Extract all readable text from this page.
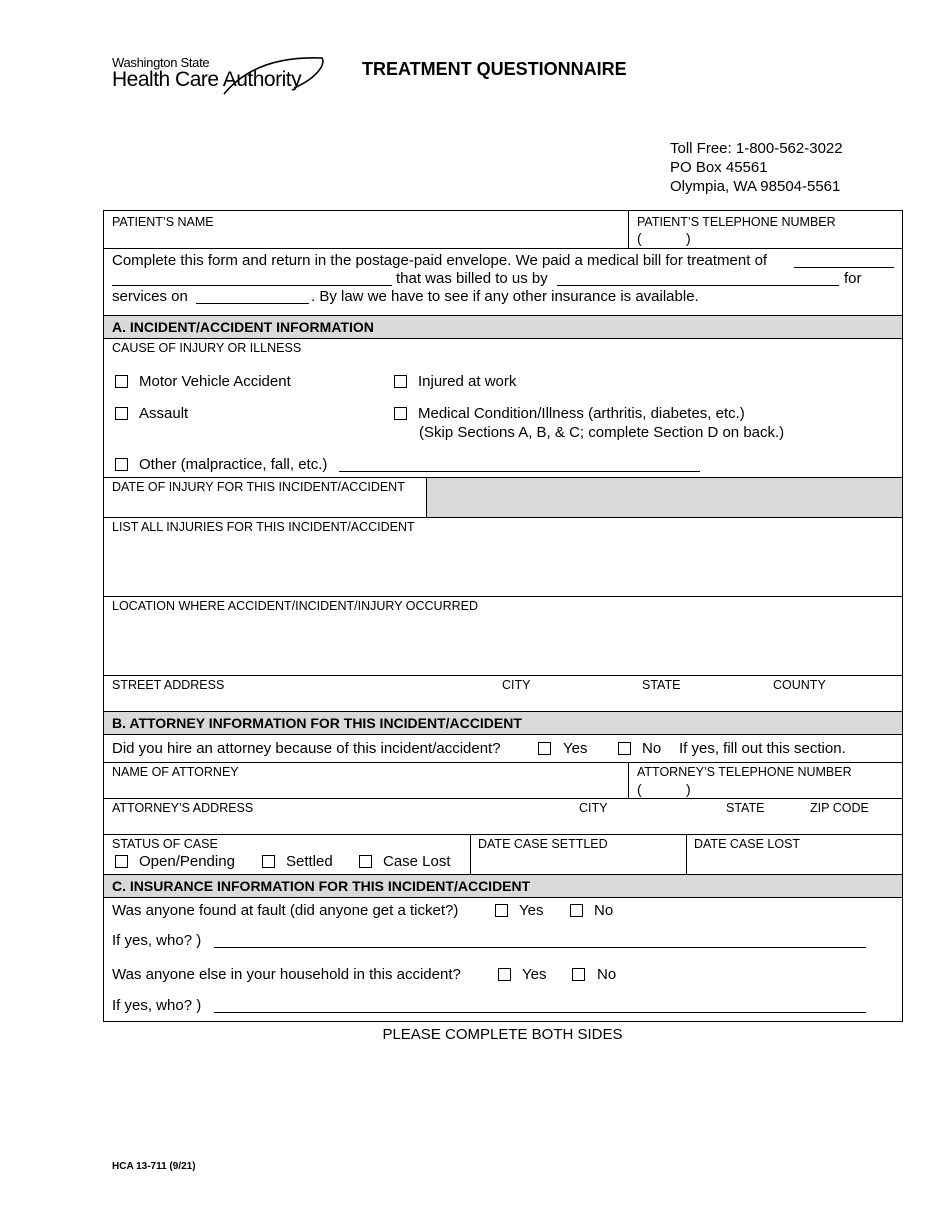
Washington State
Health Care Authority	TREATMENT QUESTIONNAIRE
Toll Free: 1-800-562-3022
PO Box 45561
Olympia, WA 98504-5561
PATIENT’S NAME	PATIENT’S TELEPHONE NUMBER
(	)
Complete this form and return in the postage-paid envelope. We paid a medical bill for treatment of
that was billed to us by	for
services on	. By law we have to see if any other insurance is available.
A. INCIDENT/ACCIDENT INFORMATION
CAUSE OF INJURY OR ILLNESS
Motor Vehicle Accident	Injured at work
Assault	Medical Condition/Illness (arthritis, diabetes, etc.)
(Skip Sections A, B, & C; complete Section D on back.)
Other (malpractice, fall, etc.)
DATE OF INJURY FOR THIS INCIDENT/ACCIDENT
LIST ALL INJURIES FOR THIS INCIDENT/ACCIDENT
LOCATION WHERE ACCIDENT/INCIDENT/INJURY OCCURRED
STREET ADDRESS	CITY	STATE	COUNTY
B. ATTORNEY INFORMATION FOR THIS INCIDENT/ACCIDENT
Did you hire an attorney because of this incident/accident?	Yes	No If yes, fill out this section.
NAME OF ATTORNEY	ATTORNEY’S TELEPHONE NUMBER
(	)
ATTORNEY’S ADDRESS	CITY	STATE	ZIP CODE
STATUS OF CASE
Open/Pending	Settled	Case Lost
DATE CASE SETTLED	DATE CASE LOST
C. INSURANCE INFORMATION FOR THIS INCIDENT/ACCIDENT
Was anyone found at fault (did anyone get a ticket?)	Yes	No
If yes, who? )
Was anyone else in your household in this accident?	Yes	No
If yes, who? )
PLEASE COMPLETE BOTH SIDES
HCA 13-711 (9/21)
